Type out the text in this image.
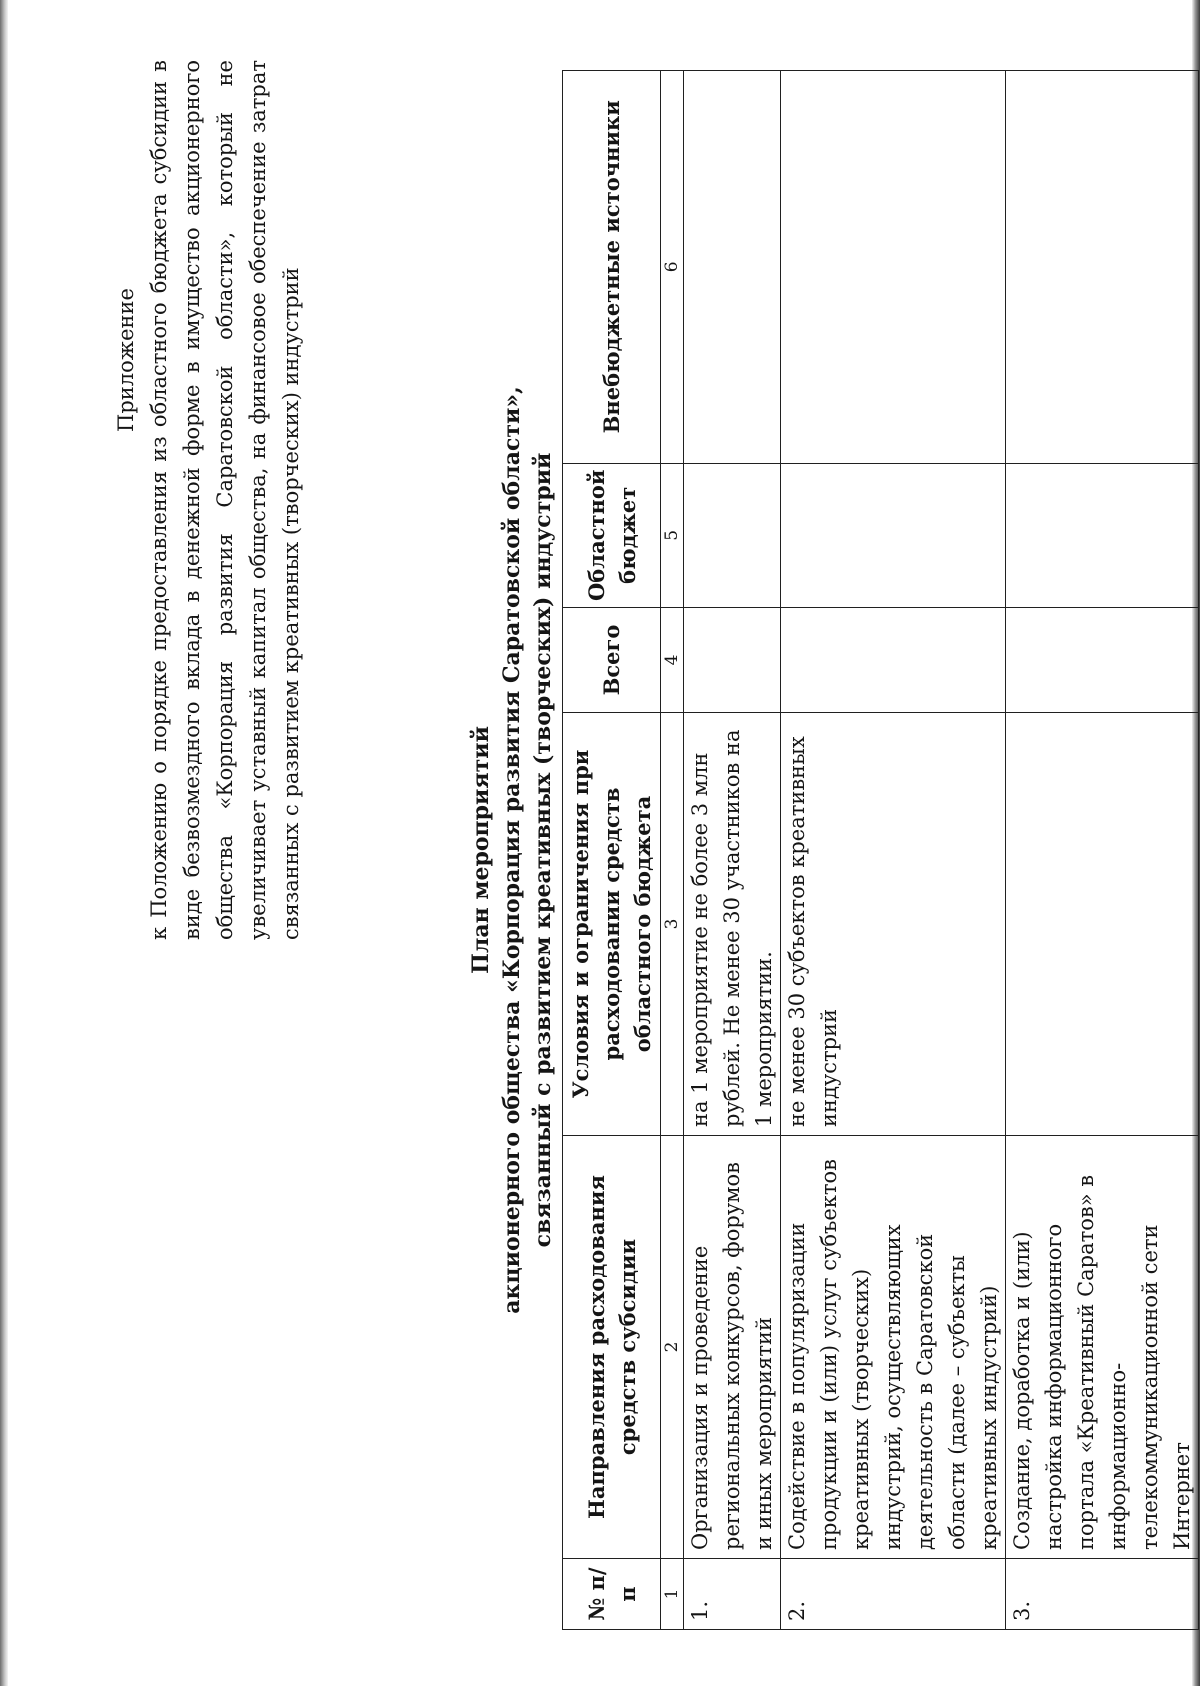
Приложение к Положению о порядке предоставления из областного бюджета субсидии в виде безвозмездного вклада в денежной форме в имущество акционерного общества «Корпорация развития Саратовской области», который не увеличивает уставный капитал общества, на финансовое обеспечение затрат связанных с развитием креативных (творческих) индустрий	План мероприятий акционерного общества «Корпорация развития Саратовской области», связанный с развитием креативных (творческих) индустрий
№ п/п	Направления расходования средств субсидии	Условия и ограничения при расходовании средств областного бюджета	Всего	Областной бюджет	Внебюджетные источники
1	2	3	4	5	6
1.	Организация и проведение региональных конкурсов, форумов и иных мероприятий	на 1 мероприятие не более 3 млн рублей. Не менее 30 участников на 1 мероприятии.			
2.	Содействие в популяризации продукции и (или) услуг субъектов креативных (творческих) индустрий, осуществляющих деятельность в Саратовской области (далее – субъекты креативных индустрий)	не менее 30 субъектов креативных индустрий			
3.	Создание, доработка и (или) настройка информационного портала «Креативный Саратов» в информационно-телекоммуникационной сети Интернет				
